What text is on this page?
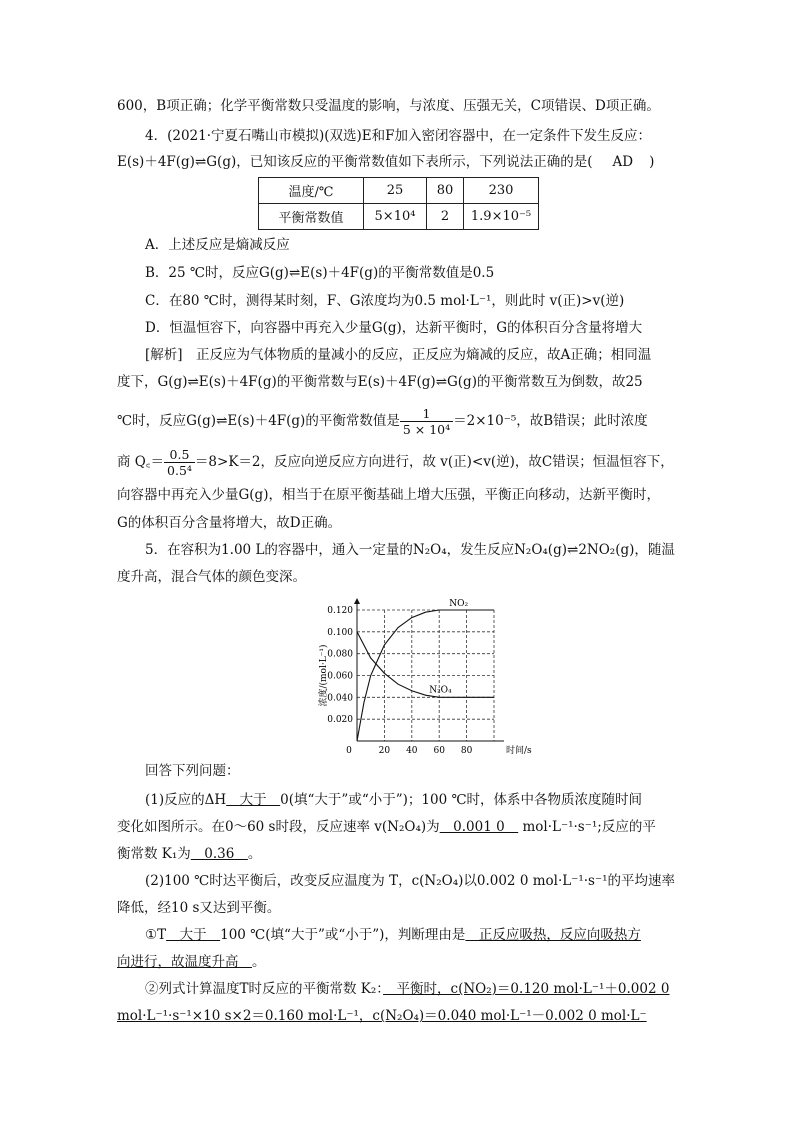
600，B项正确；化学平衡常数只受温度的影响，与浓度、压强无关，C项错误、D项正确。
4．(2021·宁夏石嘴山市模拟)(双选)E和F加入密闭容器中，在一定条件下发生反应：
E(s)＋4F(g)⇌G(g)，已知该反应的平衡常数值如下表所示，下列说法正确的是( AD )
温度/℃	25	80	230
平衡常数值	5×10⁴	2	1.9×10⁻⁵
A．上述反应是熵减反应
B．25 ℃时，反应G(g)⇌E(s)＋4F(g)的平衡常数值是0.5
C．在80 ℃时，测得某时刻，F、G浓度均为0.5 mol·L⁻¹，则此时 v(正)>v(逆)
D．恒温恒容下，向容器中再充入少量G(g)，达新平衡时，G的体积百分含量将增大
[解析]　正反应为气体物质的量减小的反应，正反应为熵减的反应，故A正确；相同温
度下，G(g)⇌E(s)＋4F(g)的平衡常数与E(s)＋4F(g)⇌G(g)的平衡常数互为倒数，故25
℃时，反应G(g)⇌E(s)＋4F(g)的平衡常数值是 $\frac{1}{\text{5 × 10⁴}} =2\times 10^{-5}$，故B错误；此时浓度
商 Q꜀＝ $\frac{0.5}{\text{0.5⁴}} =8>K=2$，反应向逆反应方向进行，故 v(正)<v(逆)，故C错误；恒温恒容下，
向容器中再充入少量G(g)，相当于在原平衡基础上增大压强，平衡正向移动，达新平衡时，
G的体积百分含量将增大，故D正确。
5．在容积为1.00 L的容器中，通入一定量的N₂O₄，发生反应N₂O₄(g)⇌2NO₂(g)，随温
度升高，混合气体的颜色变深。
0.020
0.040
0.060
0.080
0.100
0.120
0	20 40 60 80	时间/s
浓度/(mol·L⁻¹)
NO₂
N₂O₄
回答下列问题：
(1)反应的ΔH　大于　0(填“大于”或“小于”)；100 ℃时，体系中各物质浓度随时间
变化如图所示。在0～60 s时段，反应速率 v(N₂O₄)为　0.001 0　 mol·L⁻¹·s⁻¹;反应的平
衡常数 K₁为　0.36　。
(2)100 ℃时达平衡后，改变反应温度为 T，c(N₂O₄)以0.002 0 mol·L⁻¹·s⁻¹的平均速率
降低，经10 s又达到平衡。
①T　大于　100 ℃(填“大于”或“小于”)，判断理由是　正反应吸热，反应向吸热方
向进行，故温度升高　。
②列式计算温度T时反应的平衡常数 K₂：　平衡时，c(NO₂)＝0.120 mol·L⁻¹＋0.002 0
mol·L⁻¹·s⁻¹×10 s×2＝0.160 mol·L⁻¹，c(N₂O₄)＝0.040 mol·L⁻¹－0.002 0 mol·L⁻
